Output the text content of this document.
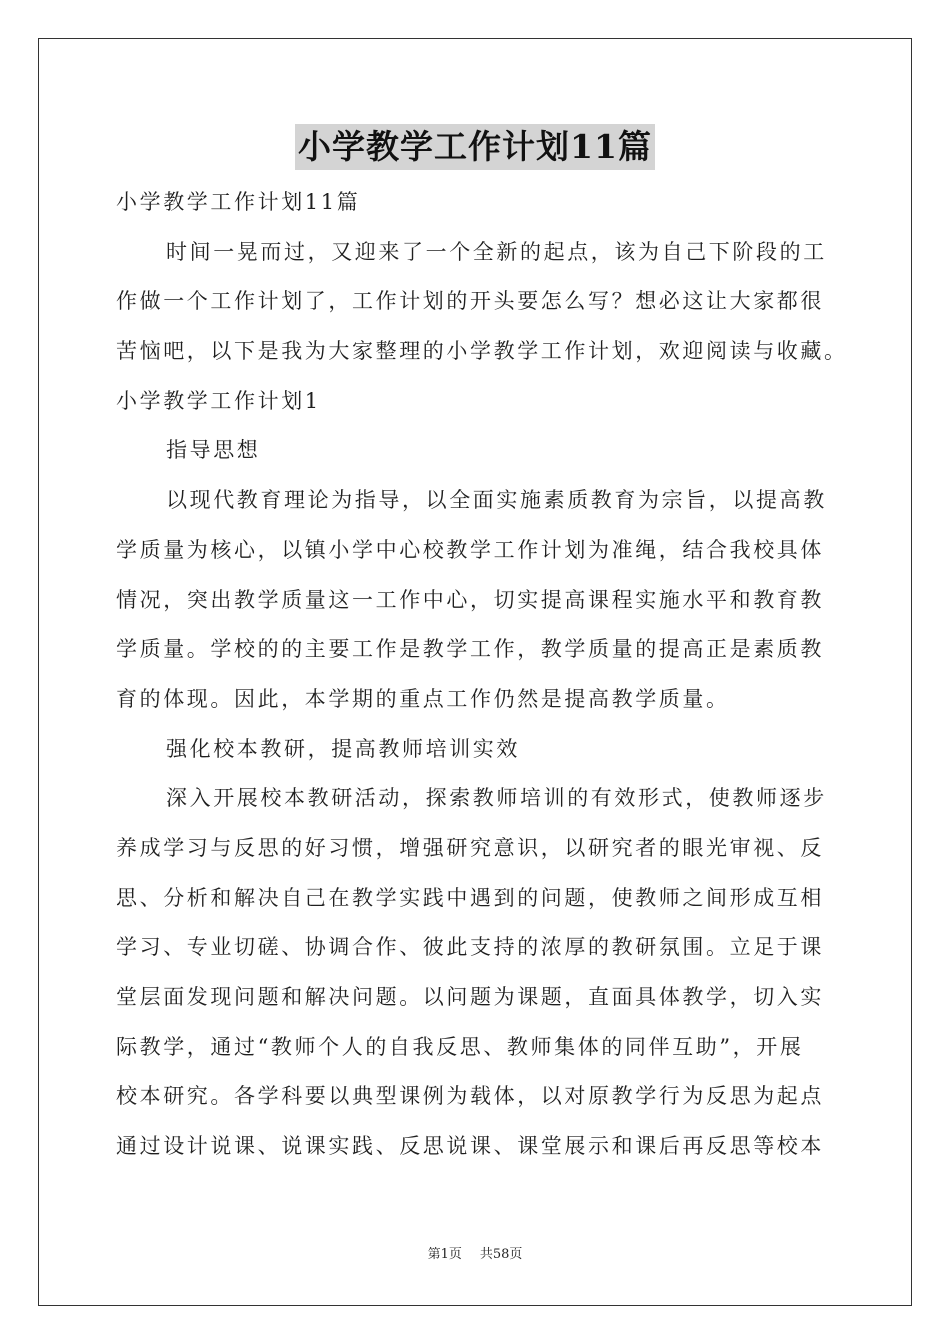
小学教学工作计划11篇
小学教学工作计划11篇
时间一晃而过，又迎来了一个全新的起点，该为自己下阶段的工
作做一个工作计划了，工作计划的开头要怎么写？想必这让大家都很
苦恼吧，以下是我为大家整理的小学教学工作计划，欢迎阅读与收藏。
小学教学工作计划1
指导思想
以现代教育理论为指导，以全面实施素质教育为宗旨，以提高教
学质量为核心，以镇小学中心校教学工作计划为准绳，结合我校具体
情况，突出教学质量这一工作中心，切实提高课程实施水平和教育教
学质量。学校的的主要工作是教学工作，教学质量的提高正是素质教
育的体现。因此，本学期的重点工作仍然是提高教学质量。
强化校本教研，提高教师培训实效
深入开展校本教研活动，探索教师培训的有效形式，使教师逐步
养成学习与反思的好习惯，增强研究意识，以研究者的眼光审视、反
思、分析和解决自己在教学实践中遇到的问题，使教师之间形成互相
学习、专业切磋、协调合作、彼此支持的浓厚的教研氛围。立足于课
堂层面发现问题和解决问题。以问题为课题，直面具体教学，切入实
际教学，通过“教师个人的自我反思、教师集体的同伴互助”，开展
校本研究。各学科要以典型课例为载体，以对原教学行为反思为起点
通过设计说课、说课实践、反思说课、课堂展示和课后再反思等校本
第1页 共58页
